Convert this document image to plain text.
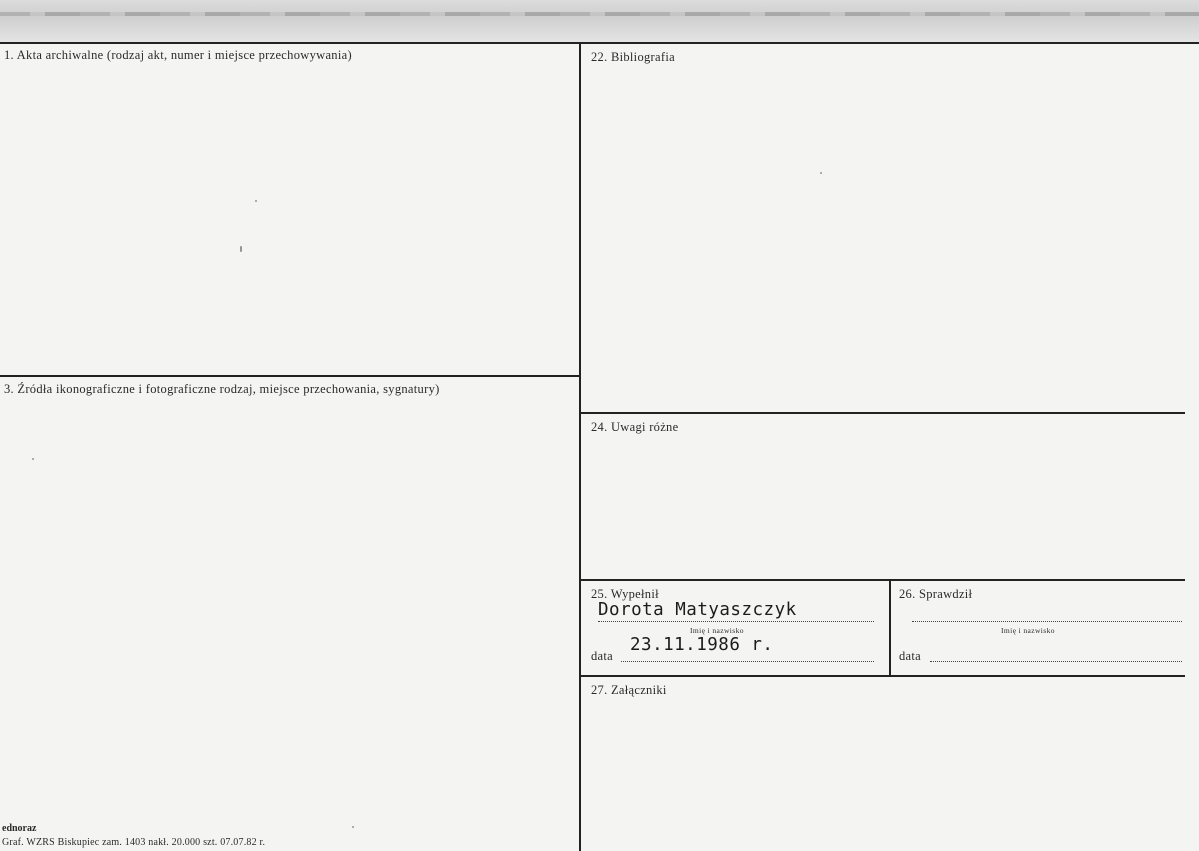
1. Akta archiwalne (rodzaj akt, numer i miejsce przechowywania)	22. Bibliografia
3. Źródła ikonograficzne i fotograficzne rodzaj, miejsce przechowania, sygnatury)
24. Uwagi różne
25. Wypełnił
Dorota Matyaszczyk
Imię i nazwisko
data
23.11.1986 r.
26. Sprawdził
Imię i nazwisko
data
27. Załączniki
ednoraz
Graf. WZRS Biskupiec zam. 1403 nakł. 20.000 szt. 07.07.82 r.
